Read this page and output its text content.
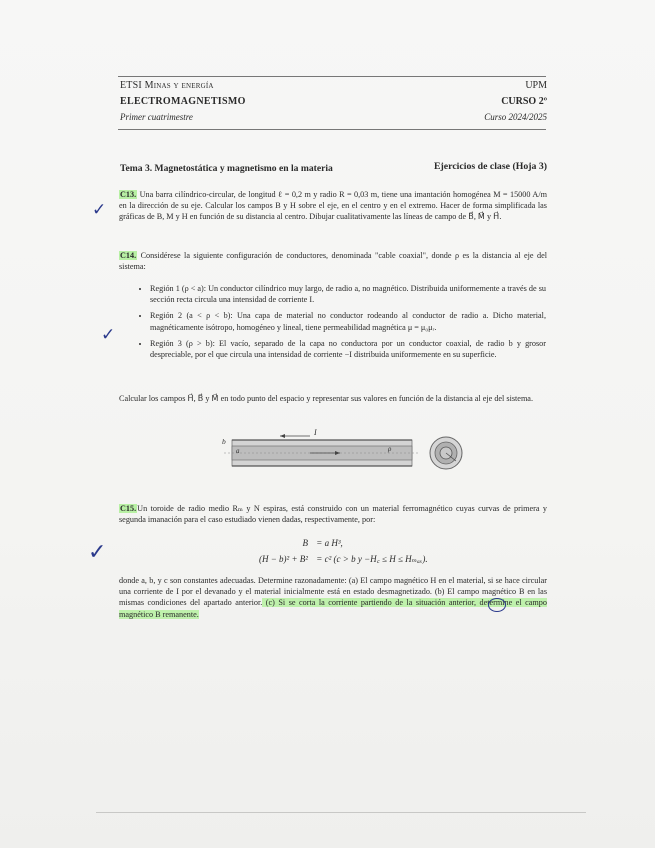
ETSI Minas y energía
ELECTROMAGNETISMO
Primer cuatrimestre
UPM
CURSO 2º
Curso 2024/2025
Tema 3. Magnetostática y magnetismo en la materia	Ejercicios de clase (Hoja 3)
C13. Una barra cilíndrico-circular, de longitud ℓ = 0,2 m y radio R = 0,03 m, tiene una imantación homogénea M = 15000 A/m en la dirección de su eje. Calcular los campos B y H sobre el eje, en el centro y en el extremo. Hacer de forma simplificada las gráficas de B, M y H en función de su distancia al centro. Dibujar cualitativamente las líneas de campo de B⃗, M⃗ y H⃗.
✓
C14. Considérese la siguiente configuración de conductores, denominada "cable coaxial", donde ρ es la distancia al eje del sistema:
• Región 1 (ρ < a): Un conductor cilíndrico muy largo, de radio a, no magnético. Distribuida uniformemente a través de su sección recta circula una intensidad de corriente I.
• Región 2 (a < ρ < b): Una capa de material no conductor rodeando al conductor de radio a. Dicho material, magnéticamente isótropo, homogéneo y lineal, tiene permeabilidad magnética μ = μ₀μᵣ.
• Región 3 (ρ > b): El vacío, separado de la capa no conductora por un conductor coaxial, de radio b y grosor despreciable, por el que circula una intensidad de corriente −I distribuida uniformemente en su superficie.
✓
Calcular los campos H⃗, B⃗ y M⃗ en todo punto del espacio y representar sus valores en función de la distancia al eje del sistema.
I
b
a	ρ
C15.Un toroide de radio medio Rₘ y N espiras, está construido con un material ferromagnético cuyas curvas de primera y segunda imanación para el caso estudiado vienen dadas, respectivamente, por:
B = a H³,
(H − b)² + B² = c² (c > b y −H꜀ ≤ H ≤ Hₘₐₓ).
✓
donde a, b, y c son constantes adecuadas. Determine razonadamente: (a) El campo magnético H en el material, si se hace circular una corriente de I por el devanado y el material inicialmente está en estado desmagnetizado. (b) El campo magnético B en las mismas condiciones del apartado anterior. (c) Si se corta la corriente partiendo de la situación anterior, determine el campo magnético B remanente.
